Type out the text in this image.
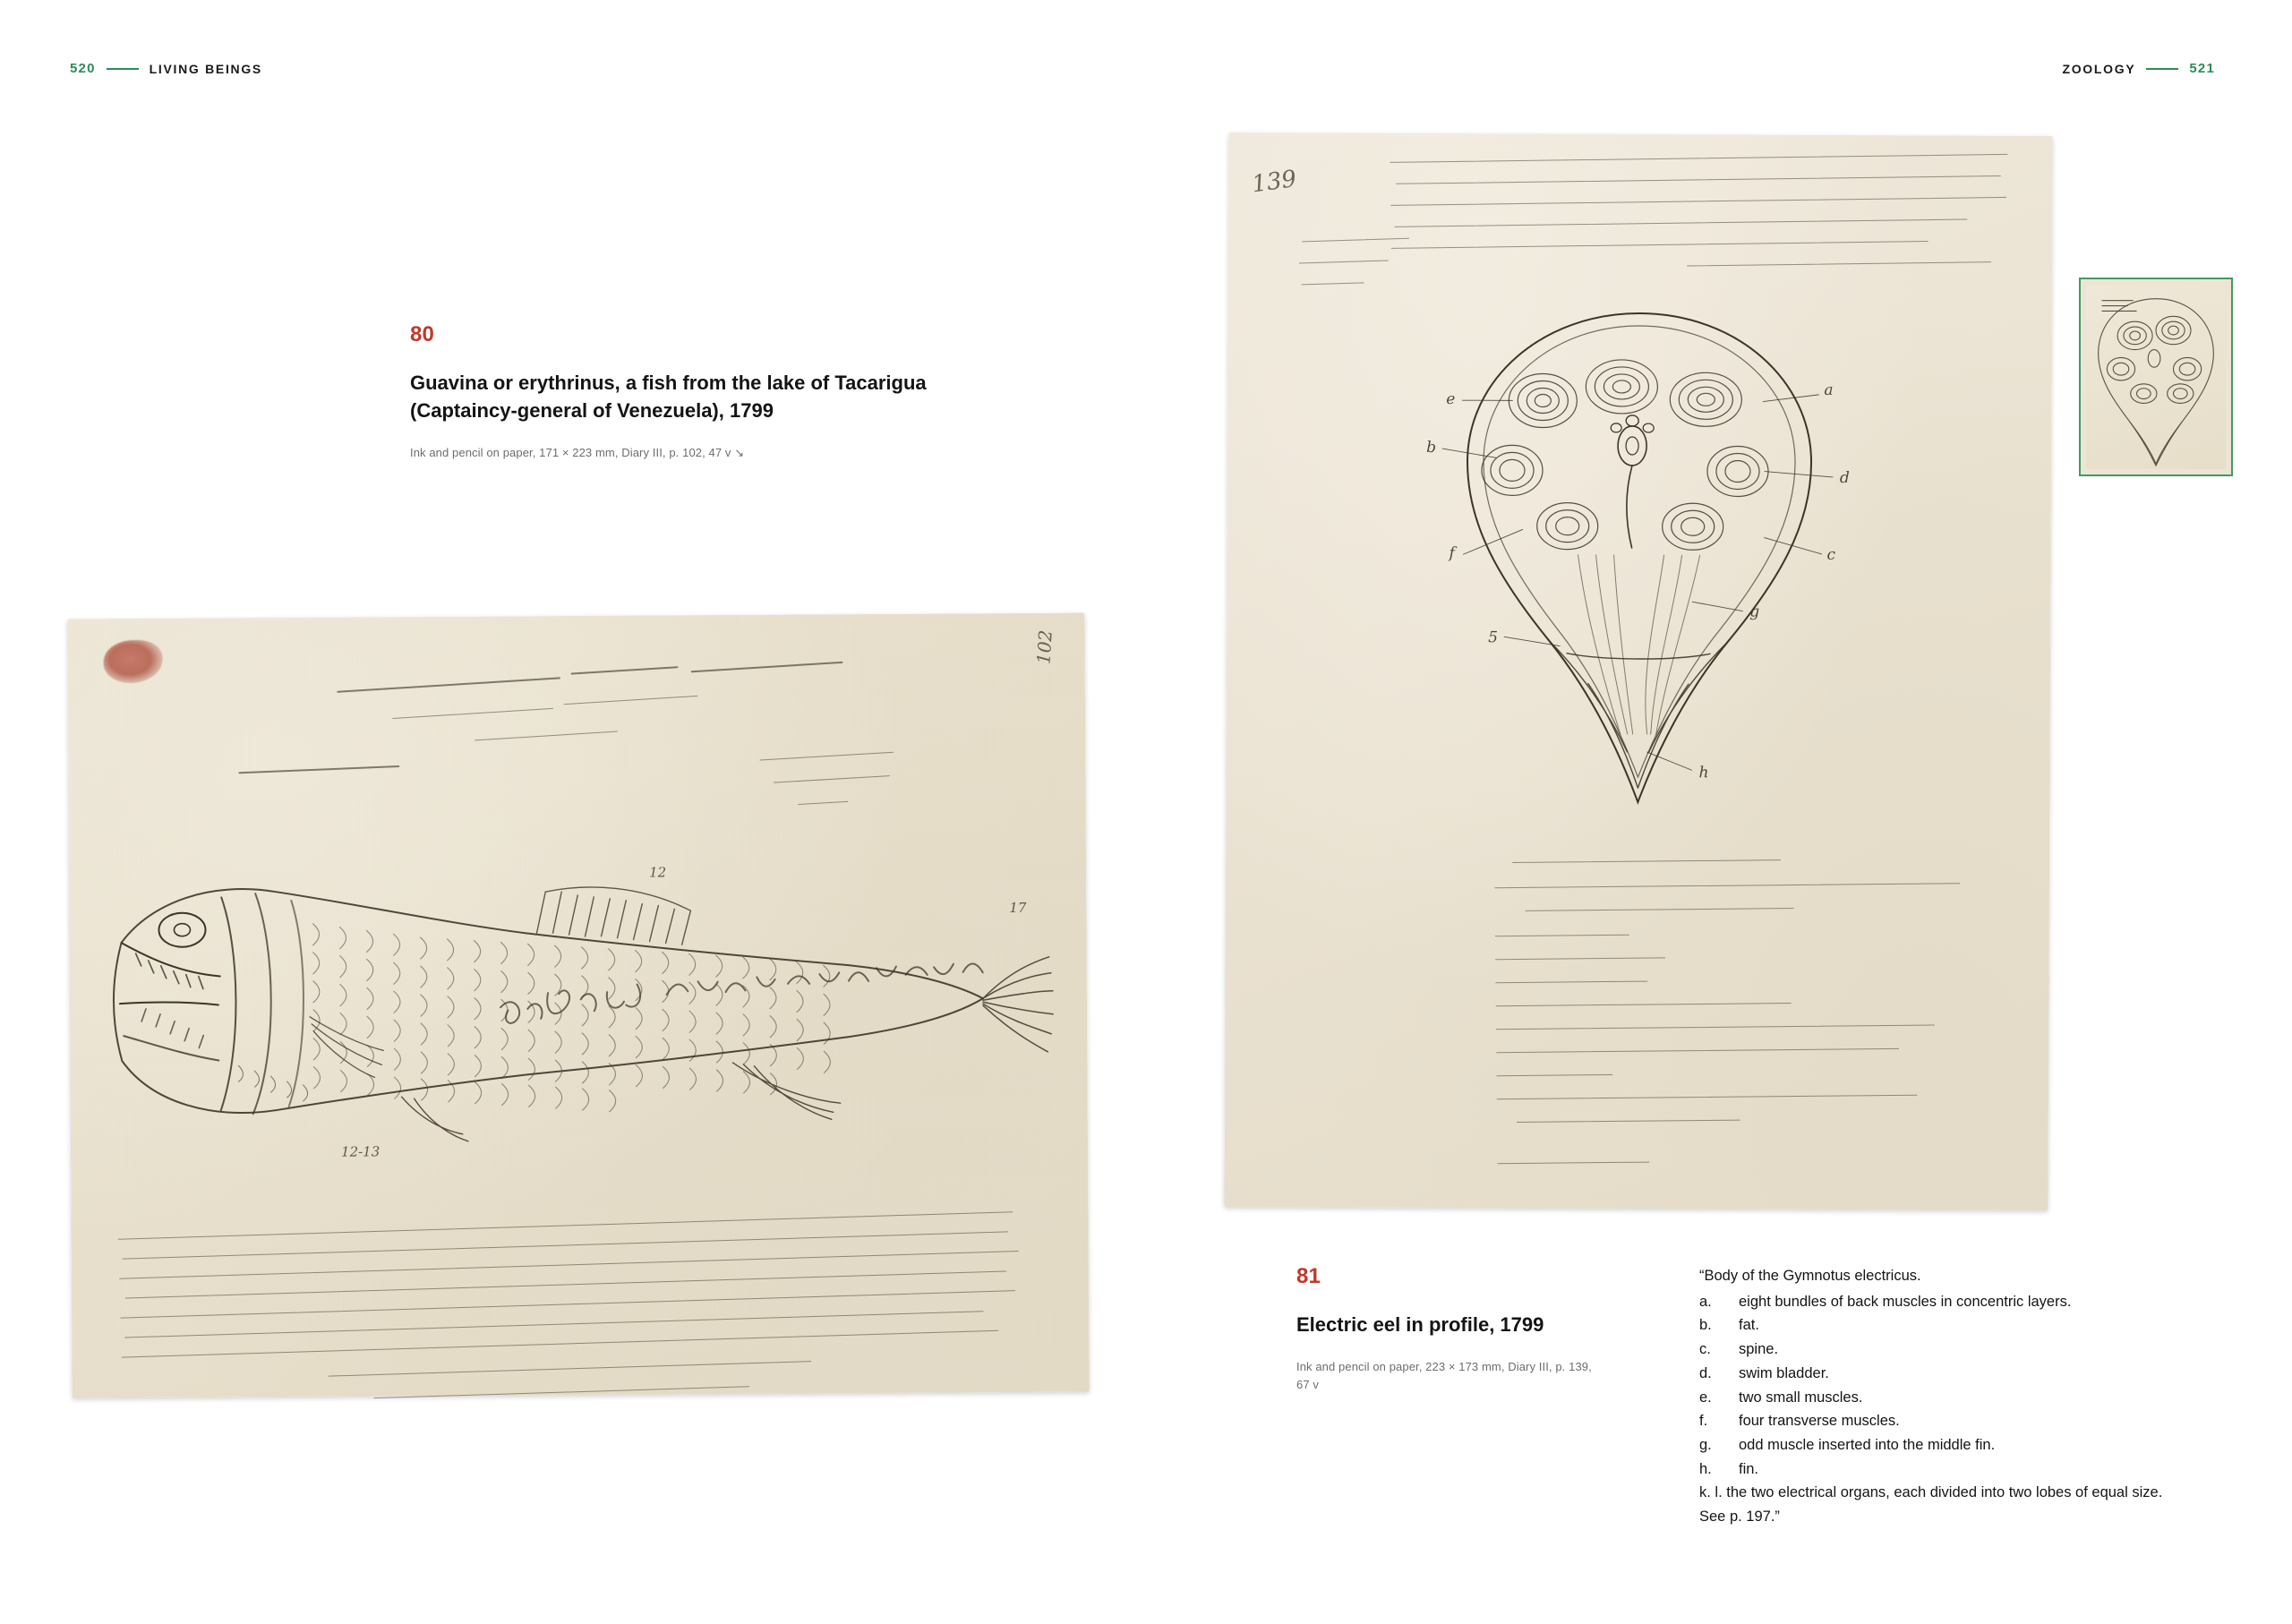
520	LIVING BEINGS
80
Guavina or erythrinus, a fish from the lake of Tacarigua (Captaincy-general of Venezuela), 1799
Ink and pencil on paper, 171 × 223 mm, Diary III, p. 102, 47 v ↘
102
12
17
12-13
ZOOLOGY	521
139
e
b
a
d
c
f
5
g
h
81
Electric eel in profile, 1799
Ink and pencil on paper, 223 × 173 mm, Diary III, p. 139, 67 v
“Body of the Gymnotus electricus.
a.	eight bundles of back muscles in concentric layers.
b.	fat.
c.	spine.
d.	swim bladder.
e.	two small muscles.
f.	four transverse muscles.
g.	odd muscle inserted into the middle fin.
h.	fin.
k. l. the two electrical organs, each divided into two lobes of equal size. See p. 197.”
